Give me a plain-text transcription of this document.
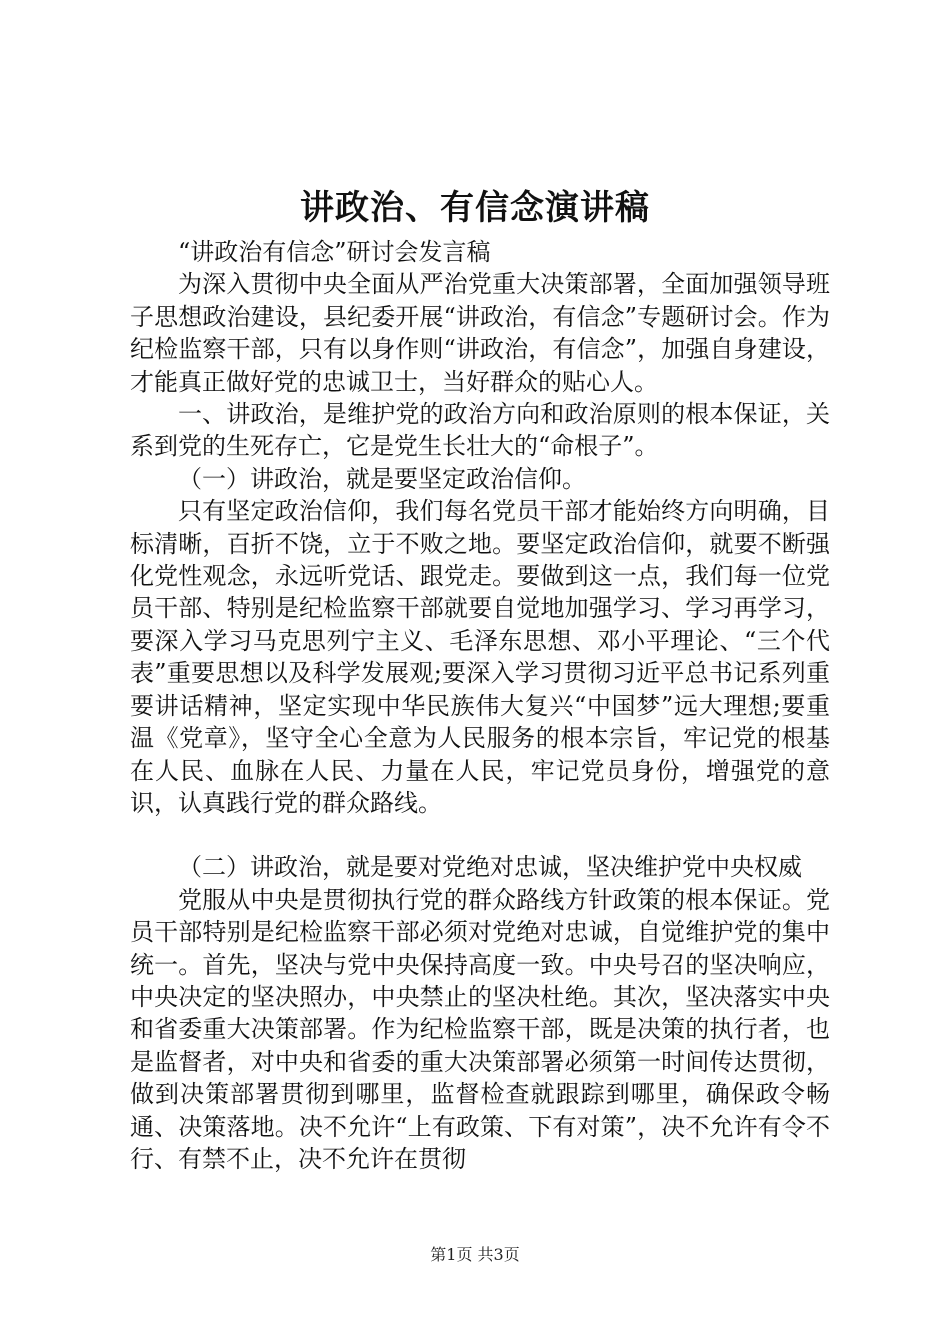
讲政治、有信念演讲稿

“讲政治有信念”研讨会发言稿

为深入贯彻中央全面从严治党重大决策部署，全面加强领导班子思想政治建设，县纪委开展“讲政治，有信念”专题研讨会。作为纪检监察干部，只有以身作则“讲政治，有信念”，加强自身建设，才能真正做好党的忠诚卫士，当好群众的贴心人。

一、讲政治，是维护党的政治方向和政治原则的根本保证，关系到党的生死存亡，它是党生长壮大的“命根子”。

（一）讲政治，就是要坚定政治信仰。

只有坚定政治信仰，我们每名党员干部才能始终方向明确，目标清晰，百折不饶，立于不败之地。要坚定政治信仰，就要不断强化党性观念，永远听党话、跟党走。要做到这一点，我们每一位党员干部、特别是纪检监察干部就要自觉地加强学习、学习再学习，要深入学习马克思列宁主义、毛泽东思想、邓小平理论、“三个代表”重要思想以及科学发展观;要深入学习贯彻习近平总书记系列重要讲话精神，坚定实现中华民族伟大复兴“中国梦”远大理想;要重温《党章》，坚守全心全意为人民服务的根本宗旨，牢记党的根基在人民、血脉在人民、力量在人民，牢记党员身份，增强党的意识，认真践行党的群众路线。

（二）讲政治，就是要对党绝对忠诚，坚决维护党中央权威

党服从中央是贯彻执行党的群众路线方针政策的根本保证。党员干部特别是纪检监察干部必须对党绝对忠诚，自觉维护党的集中统一。首先，坚决与党中央保持高度一致。中央号召的坚决响应，中央决定的坚决照办，中央禁止的坚决杜绝。其次，坚决落实中央和省委重大决策部署。作为纪检监察干部，既是决策的执行者，也是监督者，对中央和省委的重大决策部署必须第一时间传达贯彻，做到决策部署贯彻到哪里，监督检查就跟踪到哪里，确保政令畅通、决策落地。决不允许“上有政策、下有对策”，决不允许有令不行、有禁不止，决不允许在贯彻

第1页 共3页
